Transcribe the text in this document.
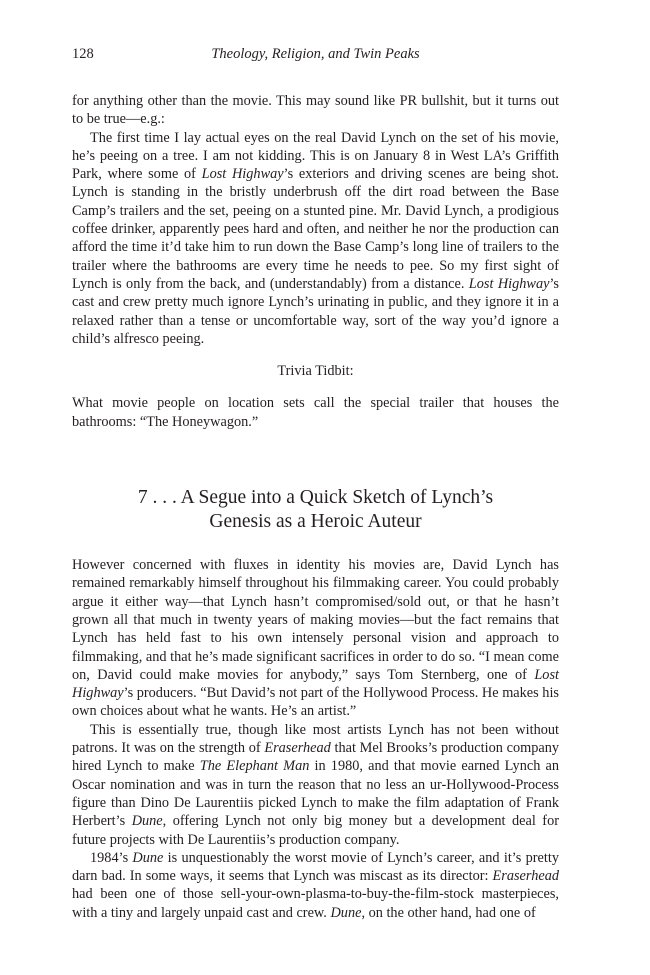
128	Theology, Religion, and Twin Peaks

for anything other than the movie. This may sound like PR bullshit, but it turns out to be true—e.g.:

The first time I lay actual eyes on the real David Lynch on the set of his movie, he’s peeing on a tree. I am not kidding. This is on January 8 in West LA’s Griffith Park, where some of Lost Highway’s exteriors and driving scenes are being shot. Lynch is standing in the bristly underbrush off the dirt road between the Base Camp’s trailers and the set, peeing on a stunted pine. Mr. David Lynch, a prodigious coffee drinker, apparently pees hard and often, and neither he nor the production can afford the time it’d take him to run down the Base Camp’s long line of trailers to the trailer where the bathrooms are every time he needs to pee. So my first sight of Lynch is only from the back, and (understandably) from a distance. Lost Highway’s cast and crew pretty much ignore Lynch’s urinating in public, and they ignore it in a relaxed rather than a tense or uncomfortable way, sort of the way you’d ignore a child’s alfresco peeing.

Trivia Tidbit:

What movie people on location sets call the special trailer that houses the bathrooms: “The Honeywagon.”

7 . . . A Segue into a Quick Sketch of Lynch’s
Genesis as a Heroic Auteur

However concerned with fluxes in identity his movies are, David Lynch has remained remarkably himself throughout his filmmaking career. You could probably argue it either way—that Lynch hasn’t compromised/sold out, or that he hasn’t grown all that much in twenty years of making movies—but the fact remains that Lynch has held fast to his own intensely personal vision and approach to filmmaking, and that he’s made significant sacrifices in order to do so. “I mean come on, David could make movies for anybody,” says Tom Sternberg, one of Lost Highway’s producers. “But David’s not part of the Hollywood Process. He makes his own choices about what he wants. He’s an artist.”

This is essentially true, though like most artists Lynch has not been without patrons. It was on the strength of Eraserhead that Mel Brooks’s production company hired Lynch to make The Elephant Man in 1980, and that movie earned Lynch an Oscar nomination and was in turn the reason that no less an ur-Hollywood-Process figure than Dino De Laurentiis picked Lynch to make the film adaptation of Frank Herbert’s Dune, offering Lynch not only big money but a development deal for future projects with De Laurentiis’s production company.

1984’s Dune is unquestionably the worst movie of Lynch’s career, and it’s pretty darn bad. In some ways, it seems that Lynch was miscast as its director: Eraserhead had been one of those sell-your-own-plasma-to-buy-the-film-stock masterpieces, with a tiny and largely unpaid cast and crew. Dune, on the other hand, had one of
